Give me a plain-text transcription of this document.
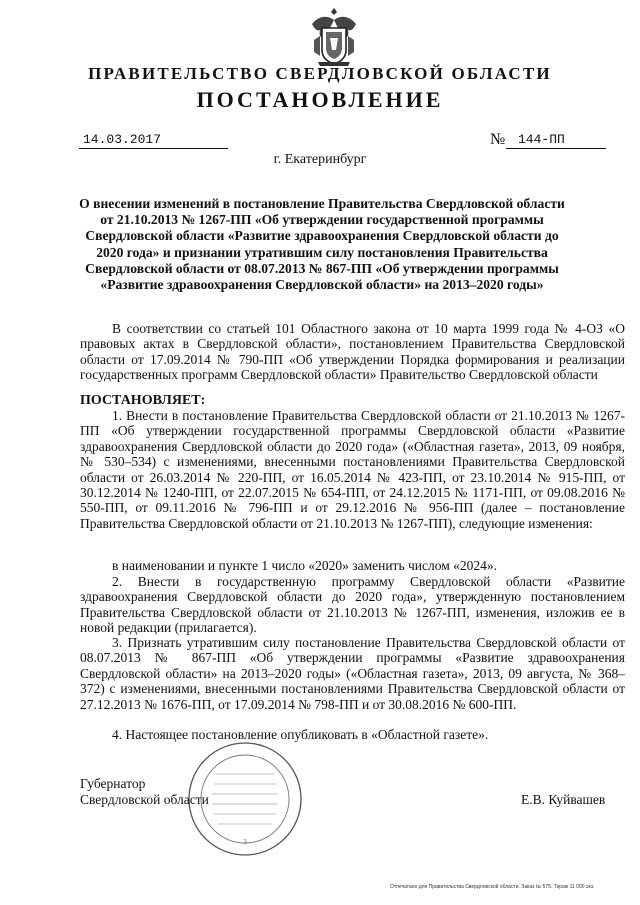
ПРАВИТЕЛЬСТВО СВЕРДЛОВСКОЙ ОБЛАСТИ
ПОСТАНОВЛЕНИЕ
14.03.2017	№ 144-ПП
г. Екатеринбург
О внесении изменений в постановление Правительства Свердловской области от 21.10.2013 № 1267-ПП «Об утверждении государственной программы Свердловской области «Развитие здравоохранения Свердловской области до 2020 года» и признании утратившим силу постановления Правительства Свердловской области от 08.07.2013 № 867-ПП «Об утверждении программы «Развитие здравоохранения Свердловской области» на 2013–2020 годы»
В соответствии со статьей 101 Областного закона от 10 марта 1999 года № 4-ОЗ «О правовых актах в Свердловской области», постановлением Правительства Свердловской области от 17.09.2014 № 790-ПП «Об утверждении Порядка формирования и реализации государственных программ Свердловской области» Правительство Свердловской области
ПОСТАНОВЛЯЕТ:
1. Внести в постановление Правительства Свердловской области от 21.10.2013 № 1267-ПП «Об утверждении государственной программы Свердловской области «Развитие здравоохранения Свердловской области до 2020 года» («Областная газета», 2013, 09 ноября, № 530–534) с изменениями, внесенными постановлениями Правительства Свердловской области от 26.03.2014 № 220-ПП, от 16.05.2014 № 423-ПП, от 23.10.2014 № 915-ПП, от 30.12.2014 № 1240-ПП, от 22.07.2015 № 654-ПП, от 24.12.2015 № 1171-ПП, от 09.08.2016 № 550-ПП, от 09.11.2016 № 796-ПП и от 29.12.2016 № 956-ПП (далее – постановление Правительства Свердловской области от 21.10.2013 № 1267-ПП), следующие изменения:
в наименовании и пункте 1 число «2020» заменить числом «2024».
2. Внести в государственную программу Свердловской области «Развитие здравоохранения Свердловской области до 2020 года», утвержденную постановлением Правительства Свердловской области от 21.10.2013 № 1267-ПП, изменения, изложив ее в новой редакции (прилагается).
3. Признать утратившим силу постановление Правительства Свердловской области от 08.07.2013 № 867-ПП «Об утверждении программы «Развитие здравоохранения Свердловской области» на 2013–2020 годы» («Областная газета», 2013, 09 августа, № 368–372) с изменениями, внесенными постановлениями Правительства Свердловской области от 27.12.2013 № 1676-ПП, от 17.09.2014 № 798-ПП и от 30.08.2016 № 600-ПП.
4. Настоящее постановление опубликовать в «Областной газете».
3
Губернатор
Свердловской области	Е.В. Куйвашев
Отпечатано для Правительства Свердловской области. Заказ № 575. Тираж 11 000 экз.
